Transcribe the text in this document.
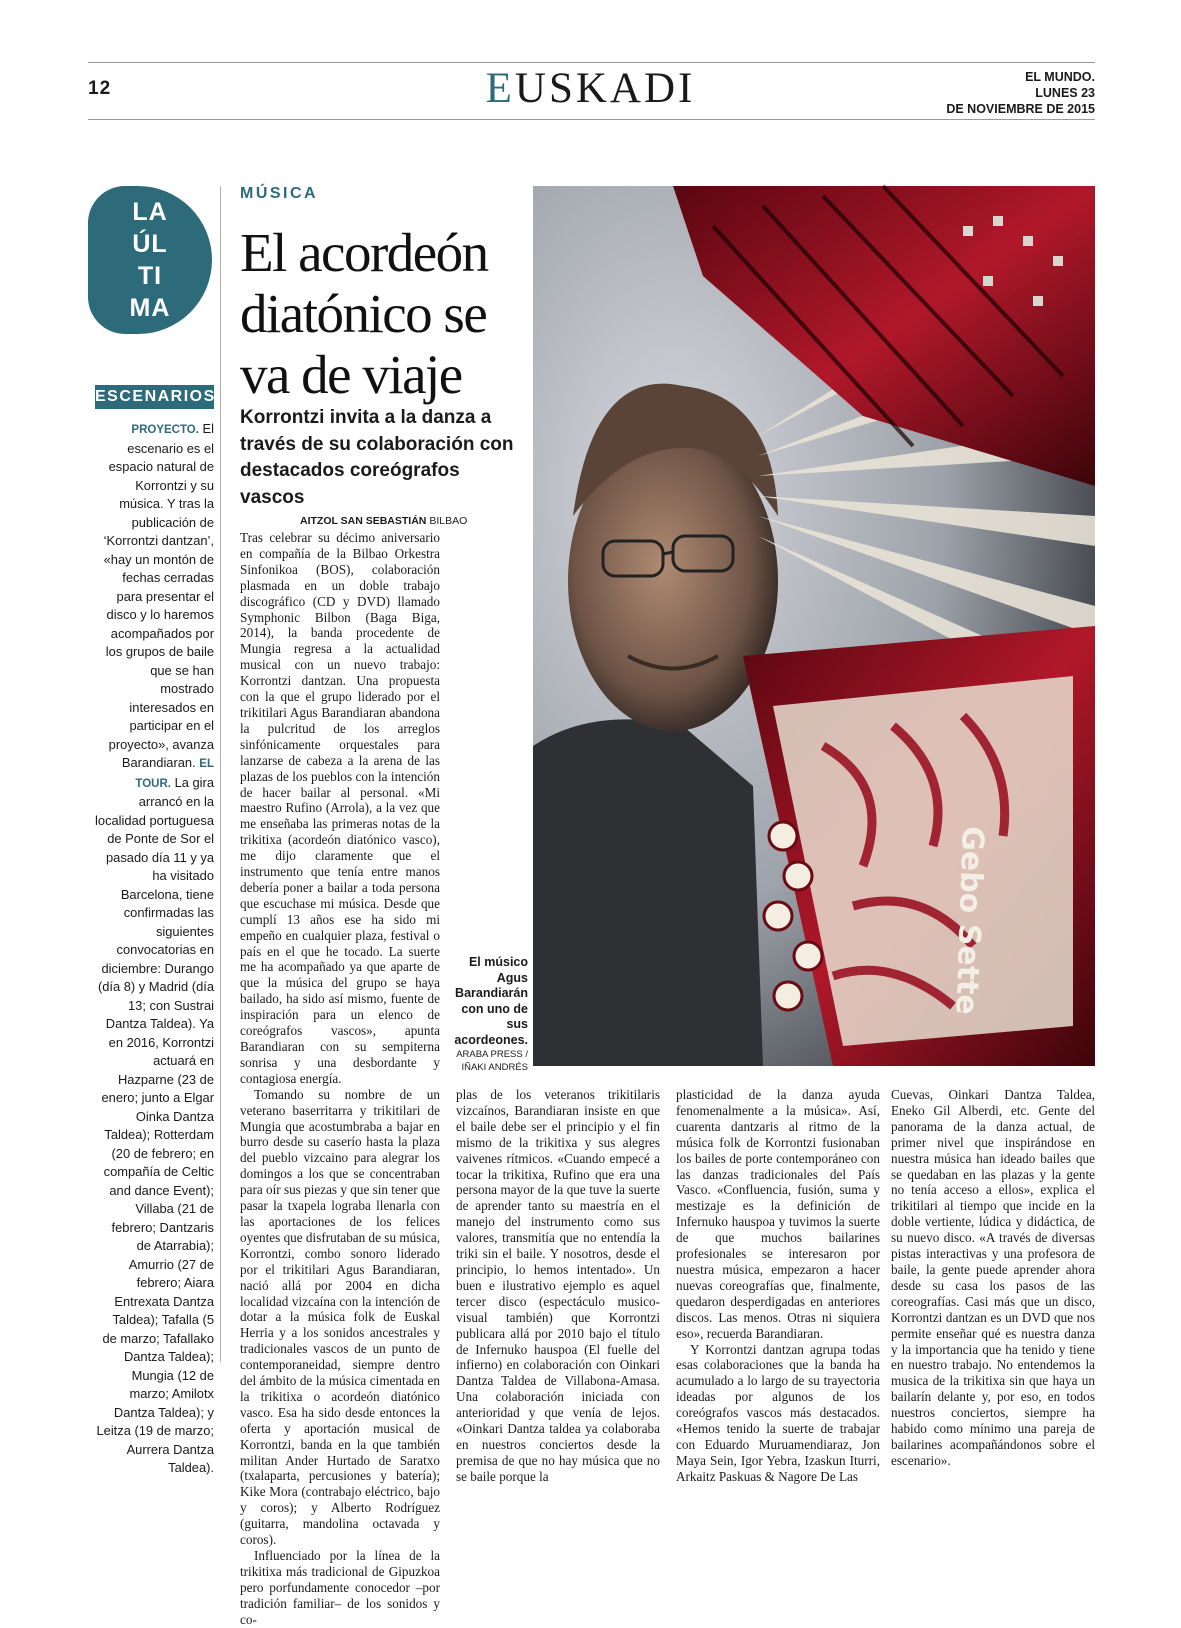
12	EUSKADI	EL MUNDO.
LUNES 23
DE NOVIEMBRE DE 2015
LA
ÚL
TI
MA
ESCENARIOS
PROYECTO. El escenario es el espacio natural de Korrontzi y su música. Y tras la publicación de ‘Korrontzi dantzan’, «hay un montón de fechas cerradas para presentar el disco y lo haremos acompañados por los grupos de baile que se han mostrado interesados en participar en el proyecto», avanza Barandiaran. EL TOUR. La gira arrancó en la localidad portuguesa de Ponte de Sor el pasado día 11 y ya ha visitado Barcelona, tiene confirmadas las siguientes convocatorias en diciembre: Durango (día 8) y Madrid (día 13; con Sustrai Dantza Taldea). Ya en 2016, Korrontzi actuará en Hazparne (23 de enero; junto a Elgar Oinka Dantza Taldea); Rotterdam (20 de febrero; en compañía de Celtic and dance Event); Villaba (21 de febrero; Dantzaris de Atarrabia); Amurrio (27 de febrero; Aiara Entrexata Dantza Taldea); Tafalla (5 de marzo; Tafallako Dantza Taldea); Mungia (12 de marzo; Amilotx Dantza Taldea); y Leitza (19 de marzo; Aurrera Dantza Taldea).
MÚSICA
El acordeón diatónico se va de viaje
Korrontzi invita a la danza a través de su colaboración con destacados coreógrafos vascos
Gebo Sette
El músico Agus Barandiarán con uno de sus acordeones.
ARABA PRESS / IÑAKI ANDRÉS
AITZOL SAN SEBASTIÁN BILBAO

Tras celebrar su décimo aniversario en compañía de la Bilbao Orkestra Sinfonikoa (BOS), colaboración plasmada en un doble trabajo discográfico (CD y DVD) llamado Symphonic Bilbon (Baga Biga, 2014), la banda procedente de Mungia regresa a la actualidad musical con un nuevo trabajo: Korrontzi dantzan. Una propuesta con la que el grupo liderado por el trikitilari Agus Barandiaran abandona la pulcritud de los arreglos sinfónicamente orquestales para lanzarse de cabeza a la arena de las plazas de los pueblos con la intención de hacer bailar al personal. «Mi maestro Rufino (Arrola), a la vez que me enseñaba las primeras notas de la trikitixa (acordeón diatónico vasco), me dijo claramente que el instrumento que tenía entre manos debería poner a bailar a toda persona que escuchase mi música. Desde que cumplí 13 años ese ha sido mi empeño en cualquier plaza, festival o país en el que he tocado. La suerte me ha acompañado ya que aparte de que la música del grupo se haya bailado, ha sido así mismo, fuente de inspiración para un elenco de coreógrafos vascos», apunta Barandiaran con su sempiterna sonrisa y una desbordante y contagiosa energía.

Tomando su nombre de un veterano baserritarra y trikitilari de Mungia que acostumbraba a bajar en burro desde su caserío hasta la plaza del pueblo vizcaino para alegrar los domingos a los que se concentraban para oír sus piezas y que sin tener que pasar la txapela lograba llenarla con las aportaciones de los felices oyentes que disfrutaban de su música, Korrontzi, combo sonoro liderado por el trikitilari Agus Barandiaran, nació allá por 2004 en dicha localidad vizcaína con la intención de dotar a la música folk de Euskal Herria y a los sonidos ancestrales y tradicionales vascos de un punto de contemporaneidad, siempre dentro del ámbito de la música cimentada en la trikitixa o acordeón diatónico vasco. Esa ha sido desde entonces la oferta y aportación musical de Korrontzi, banda en la que también militan Ander Hurtado de Saratxo (txalaparta, percusiones y batería); Kike Mora (contrabajo eléctrico, bajo y coros); y Alberto Rodríguez (guitarra, mandolina octavada y coros).

Influenciado por la línea de la trikitixa más tradicional de Gipuzkoa pero porfundamente conocedor –por tradición familiar– de los sonidos y co-

plas de los veteranos trikitilaris vizcaínos, Barandiaran insiste en que el baile debe ser el principio y el fin mismo de la trikitixa y sus alegres vaivenes rítmicos. «Cuando empecé a tocar la trikitixa, Rufino que era una persona mayor de la que tuve la suerte de aprender tanto su maestría en el manejo del instrumento como sus valores, transmitía que no entendía la triki sin el baile. Y nosotros, desde el principio, lo hemos intentado». Un buen e ilustrativo ejemplo es aquel tercer disco (espectáculo musico-visual también) que Korrontzi publicara allá por 2010 bajo el título de Infernuko hauspoa (El fuelle del infierno) en colaboración con Oinkari Dantza Taldea de Villabona-Amasa. Una colaboración iniciada con anterioridad y que venía de lejos. «Oinkari Dantza taldea ya colaboraba en nuestros conciertos desde la premisa de que no hay música que no se baile porque la

plasticidad de la danza ayuda fenomenalmente a la música». Así, cuarenta dantzaris al ritmo de la música folk de Korrontzi fusionaban los bailes de porte contemporáneo con las danzas tradicionales del País Vasco. «Confluencia, fusión, suma y mestizaje es la definición de Infernuko hauspoa y tuvimos la suerte de que muchos bailarines profesionales se interesaron por nuestra música, empezaron a hacer nuevas coreografías que, finalmente, quedaron desperdigadas en anteriores discos. Las menos. Otras ni siquiera eso», recuerda Barandiaran.

Y Korrontzi dantzan agrupa todas esas colaboraciones que la banda ha acumulado a lo largo de su trayectoria ideadas por algunos de los coreógrafos vascos más destacados. «Hemos tenido la suerte de trabajar con Eduardo Muruamendiaraz, Jon Maya Sein, Igor Yebra, Izaskun Iturri, Arkaitz Paskuas & Nagore De Las

Cuevas, Oinkari Dantza Taldea, Eneko Gil Alberdi, etc. Gente del panorama de la danza actual, de primer nivel que inspirándose en nuestra música han ideado bailes que se quedaban en las plazas y la gente no tenía acceso a ellos», explica el trikitilari al tiempo que incide en la doble vertiente, lúdica y didáctica, de su nuevo disco. «A través de diversas pistas interactivas y una profesora de baile, la gente puede aprender ahora desde su casa los pasos de las coreografías. Casi más que un disco, Korrontzi dantzan es un DVD que nos permite enseñar qué es nuestra danza y la importancia que ha tenido y tiene en nuestro trabajo. No entendemos la musica de la trikitixa sin que haya un bailarín delante y, por eso, en todos nuestros conciertos, siempre ha habido como mínimo una pareja de bailarines acompañándonos sobre el escenario».
